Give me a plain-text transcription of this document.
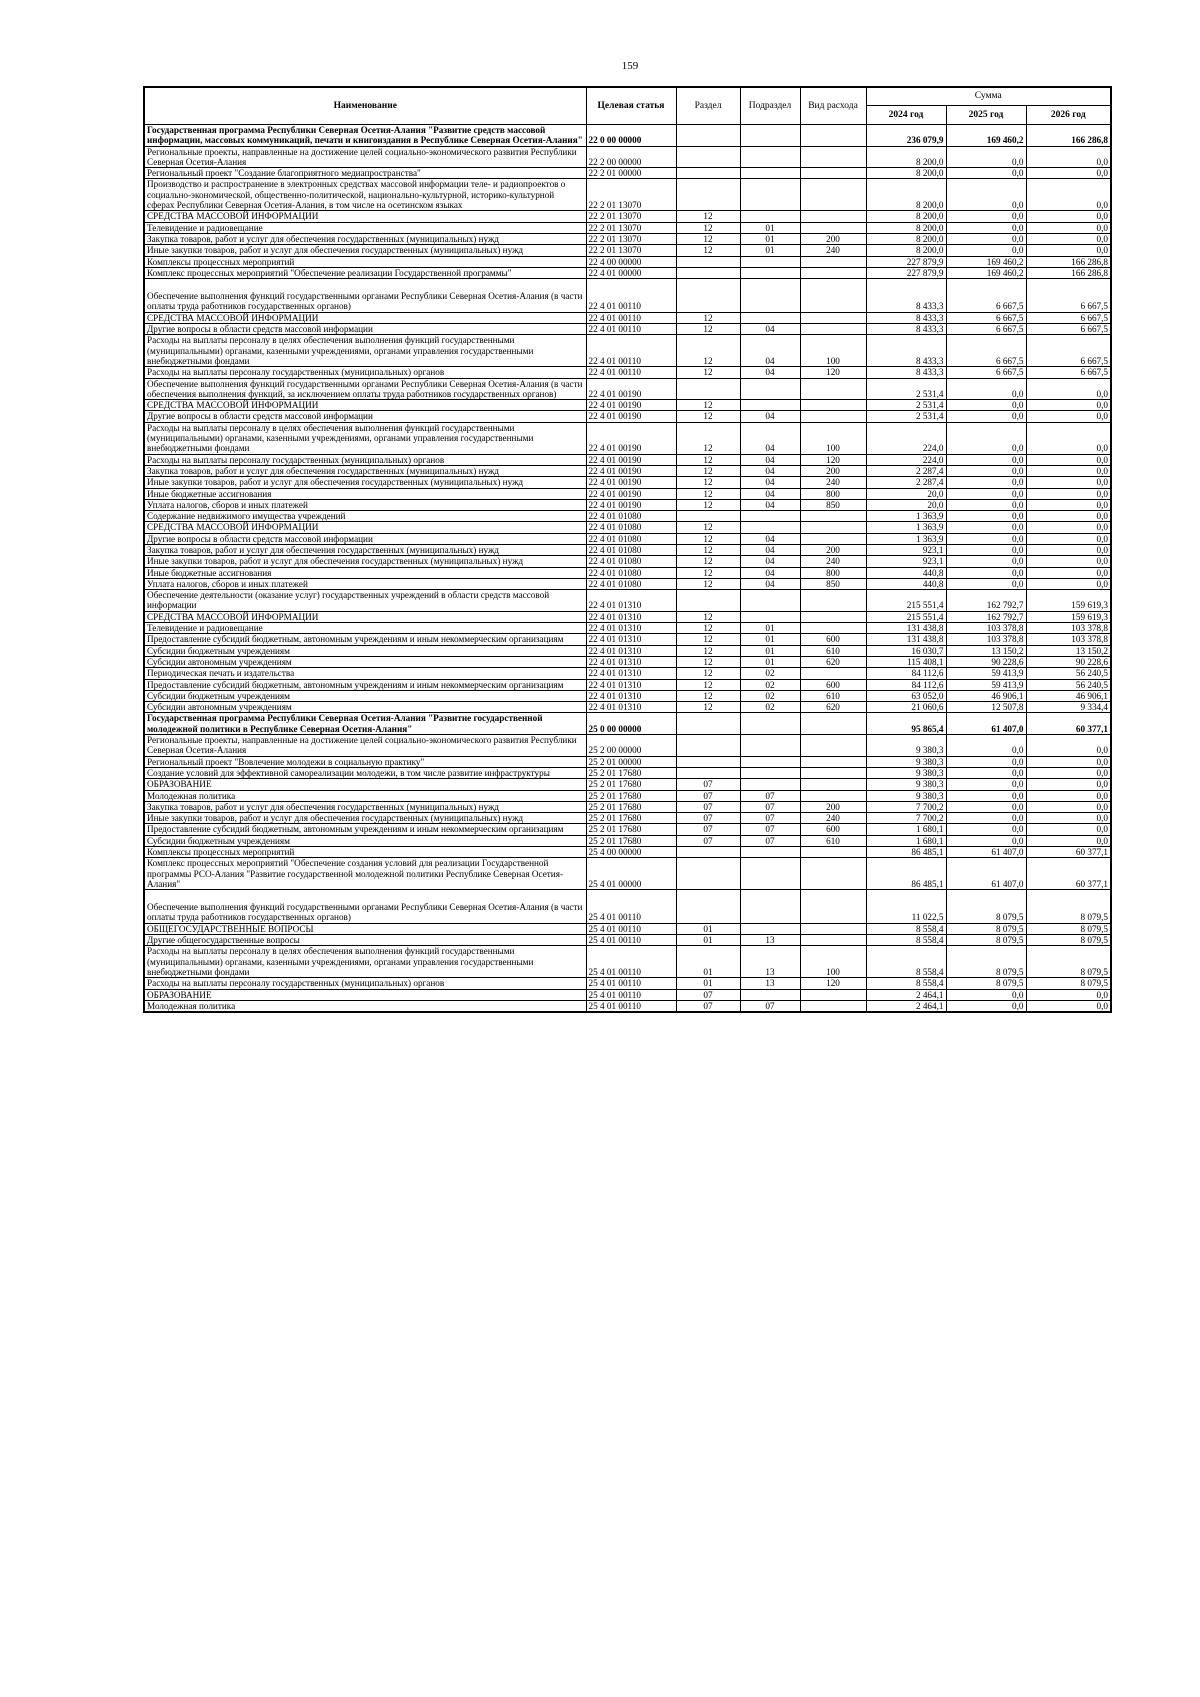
159
Наименование	Целевая статья	Раздел	Подраздел	Вид расхода	Сумма		
					2024 год	2025 год	2026 год
Государственная программа Республики Северная Осетия-Алания "Развитие средств массовой информации, массовых коммуникаций, печати и книгоиздания в Республике Северная Осетия-Алания"	22 0 00 00000				236 079,9	169 460,2	166 286,8
Региональные проекты, направленные на достижение целей социально-экономического развития Республики Северная Осетия-Алания	22 2 00 00000				8 200,0	0,0	0,0
Региональный проект "Создание благоприятного медиапространства"	22 2 01 00000				8 200,0	0,0	0,0
Производство и распространение в электронных средствах массовой информации теле- и радиопроектов о социально-экономической, общественно-политической, национально-культурной, историко-культурной сферах Республики Северная Осетия-Алания, в том числе на осетинском языках	22 2 01 13070				8 200,0	0,0	0,0
СРЕДСТВА МАССОВОЙ ИНФОРМАЦИИ	22 2 01 13070	12			8 200,0	0,0	0,0
Телевидение и радиовещание	22 2 01 13070	12	01		8 200,0	0,0	0,0
Закупка товаров, работ и услуг для обеспечения государственных (муниципальных) нужд	22 2 01 13070	12	01	200	8 200,0	0,0	0,0
Иные закупки товаров, работ и услуг для обеспечения государственных (муниципальных) нужд	22 2 01 13070	12	01	240	8 200,0	0,0	0,0
Комплексы процессных мероприятий	22 4 00 00000				227 879,9	169 460,2	166 286,8
Комплекс процессных мероприятий "Обеспечение реализации Государственной программы"	22 4 01 00000				227 879,9	169 460,2	166 286,8
Обеспечение выполнения функций государственными органами Республики Северная Осетия-Алания (в части оплаты труда работников государственных органов)	22 4 01 00110				8 433,3	6 667,5	6 667,5
СРЕДСТВА МАССОВОЙ ИНФОРМАЦИИ	22 4 01 00110	12			8 433,3	6 667,5	6 667,5
Другие вопросы в области средств массовой информации	22 4 01 00110	12	04		8 433,3	6 667,5	6 667,5
Расходы на выплаты персоналу в целях обеспечения выполнения функций государственными (муниципальными) органами, казенными учреждениями, органами управления государственными внебюджетными фондами	22 4 01 00110	12	04	100	8 433,3	6 667,5	6 667,5
Расходы на выплаты персоналу государственных (муниципальных) органов	22 4 01 00110	12	04	120	8 433,3	6 667,5	6 667,5
Обеспечение выполнения функций государственными органами Республики Северная Осетия-Алания (в части обеспечения выполнения функций, за исключением оплаты труда работников государственных органов)	22 4 01 00190				2 531,4	0,0	0,0
СРЕДСТВА МАССОВОЙ ИНФОРМАЦИИ	22 4 01 00190	12			2 531,4	0,0	0,0
Другие вопросы в области средств массовой информации	22 4 01 00190	12	04		2 531,4	0,0	0,0
Расходы на выплаты персоналу в целях обеспечения выполнения функций государственными (муниципальными) органами, казенными учреждениями, органами управления государственными внебюджетными фондами	22 4 01 00190	12	04	100	224,0	0,0	0,0
Расходы на выплаты персоналу государственных (муниципальных) органов	22 4 01 00190	12	04	120	224,0	0,0	0,0
Закупка товаров, работ и услуг для обеспечения государственных (муниципальных) нужд	22 4 01 00190	12	04	200	2 287,4	0,0	0,0
Иные закупки товаров, работ и услуг для обеспечения государственных (муниципальных) нужд	22 4 01 00190	12	04	240	2 287,4	0,0	0,0
Иные бюджетные ассигнования	22 4 01 00190	12	04	800	20,0	0,0	0,0
Уплата налогов, сборов и иных платежей	22 4 01 00190	12	04	850	20,0	0,0	0,0
Содержание недвижимого имущества учреждений	22 4 01 01080				1 363,9	0,0	0,0
СРЕДСТВА МАССОВОЙ ИНФОРМАЦИИ	22 4 01 01080	12			1 363,9	0,0	0,0
Другие вопросы в области средств массовой информации	22 4 01 01080	12	04		1 363,9	0,0	0,0
Закупка товаров, работ и услуг для обеспечения государственных (муниципальных) нужд	22 4 01 01080	12	04	200	923,1	0,0	0,0
Иные закупки товаров, работ и услуг для обеспечения государственных (муниципальных) нужд	22 4 01 01080	12	04	240	923,1	0,0	0,0
Иные бюджетные ассигнования	22 4 01 01080	12	04	800	440,8	0,0	0,0
Уплата налогов, сборов и иных платежей	22 4 01 01080	12	04	850	440,8	0,0	0,0
Обеспечение деятельности (оказание услуг) государственных учреждений в области средств массовой информации	22 4 01 01310				215 551,4	162 792,7	159 619,3
СРЕДСТВА МАССОВОЙ ИНФОРМАЦИИ	22 4 01 01310	12			215 551,4	162 792,7	159 619,3
Телевидение и радиовещание	22 4 01 01310	12	01		131 438,8	103 378,8	103 378,8
Предоставление субсидий бюджетным, автономным учреждениям и иным некоммерческим организациям	22 4 01 01310	12	01	600	131 438,8	103 378,8	103 378,8
Субсидии бюджетным учреждениям	22 4 01 01310	12	01	610	16 030,7	13 150,2	13 150,2
Субсидии автономным учреждениям	22 4 01 01310	12	01	620	115 408,1	90 228,6	90 228,6
Периодическая печать и издательства	22 4 01 01310	12	02		84 112,6	59 413,9	56 240,5
Предоставление субсидий бюджетным, автономным учреждениям и иным некоммерческим организациям	22 4 01 01310	12	02	600	84 112,6	59 413,9	56 240,5
Субсидии бюджетным учреждениям	22 4 01 01310	12	02	610	63 052,0	46 906,1	46 906,1
Субсидии автономным учреждениям	22 4 01 01310	12	02	620	21 060,6	12 507,8	9 334,4
Государственная программа Республики Северная Осетия-Алания "Развитие государственной молодежной политики в Республике Северная Осетия-Алания"	25 0 00 00000				95 865,4	61 407,0	60 377,1
Региональные проекты, направленные на достижение целей социально-экономического развития Республики Северная Осетия-Алания	25 2 00 00000				9 380,3	0,0	0,0
Региональный проект "Вовлечение молодежи в социальную практику"	25 2 01 00000				9 380,3	0,0	0,0
Создание условий для эффективной самореализации молодежи, в том числе развитие инфраструктуры	25 2 01 17680				9 380,3	0,0	0,0
ОБРАЗОВАНИЕ	25 2 01 17680	07			9 380,3	0,0	0,0
Молодежная политика	25 2 01 17680	07	07		9 380,3	0,0	0,0
Закупка товаров, работ и услуг для обеспечения государственных (муниципальных) нужд	25 2 01 17680	07	07	200	7 700,2	0,0	0,0
Иные закупки товаров, работ и услуг для обеспечения государственных (муниципальных) нужд	25 2 01 17680	07	07	240	7 700,2	0,0	0,0
Предоставление субсидий бюджетным, автономным учреждениям и иным некоммерческим организациям	25 2 01 17680	07	07	600	1 680,1	0,0	0,0
Субсидии бюджетным учреждениям	25 2 01 17680	07	07	610	1 680,1	0,0	0,0
Комплексы процессных мероприятий	25 4 00 00000				86 485,1	61 407,0	60 377,1
Комплекс процессных мероприятий "Обеспечение создания условий для реализации Государственной программы РСО-Алания "Развитие государственной молодежной политики Республике Северная Осетия-Алания"	25 4 01 00000				86 485,1	61 407,0	60 377,1
Обеспечение выполнения функций государственными органами Республики Северная Осетия-Алания (в части оплаты труда работников государственных органов)	25 4 01 00110				11 022,5	8 079,5	8 079,5
ОБЩЕГОСУДАРСТВЕННЫЕ ВОПРОСЫ	25 4 01 00110	01			8 558,4	8 079,5	8 079,5
Другие общегосударственные вопросы	25 4 01 00110	01	13		8 558,4	8 079,5	8 079,5
Расходы на выплаты персоналу в целях обеспечения выполнения функций государственными (муниципальными) органами, казенными учреждениями, органами управления государственными внебюджетными фондами	25 4 01 00110	01	13	100	8 558,4	8 079,5	8 079,5
Расходы на выплаты персоналу государственных (муниципальных) органов	25 4 01 00110	01	13	120	8 558,4	8 079,5	8 079,5
ОБРАЗОВАНИЕ	25 4 01 00110	07			2 464,1	0,0	0,0
Молодежная политика	25 4 01 00110	07	07		2 464,1	0,0	0,0
